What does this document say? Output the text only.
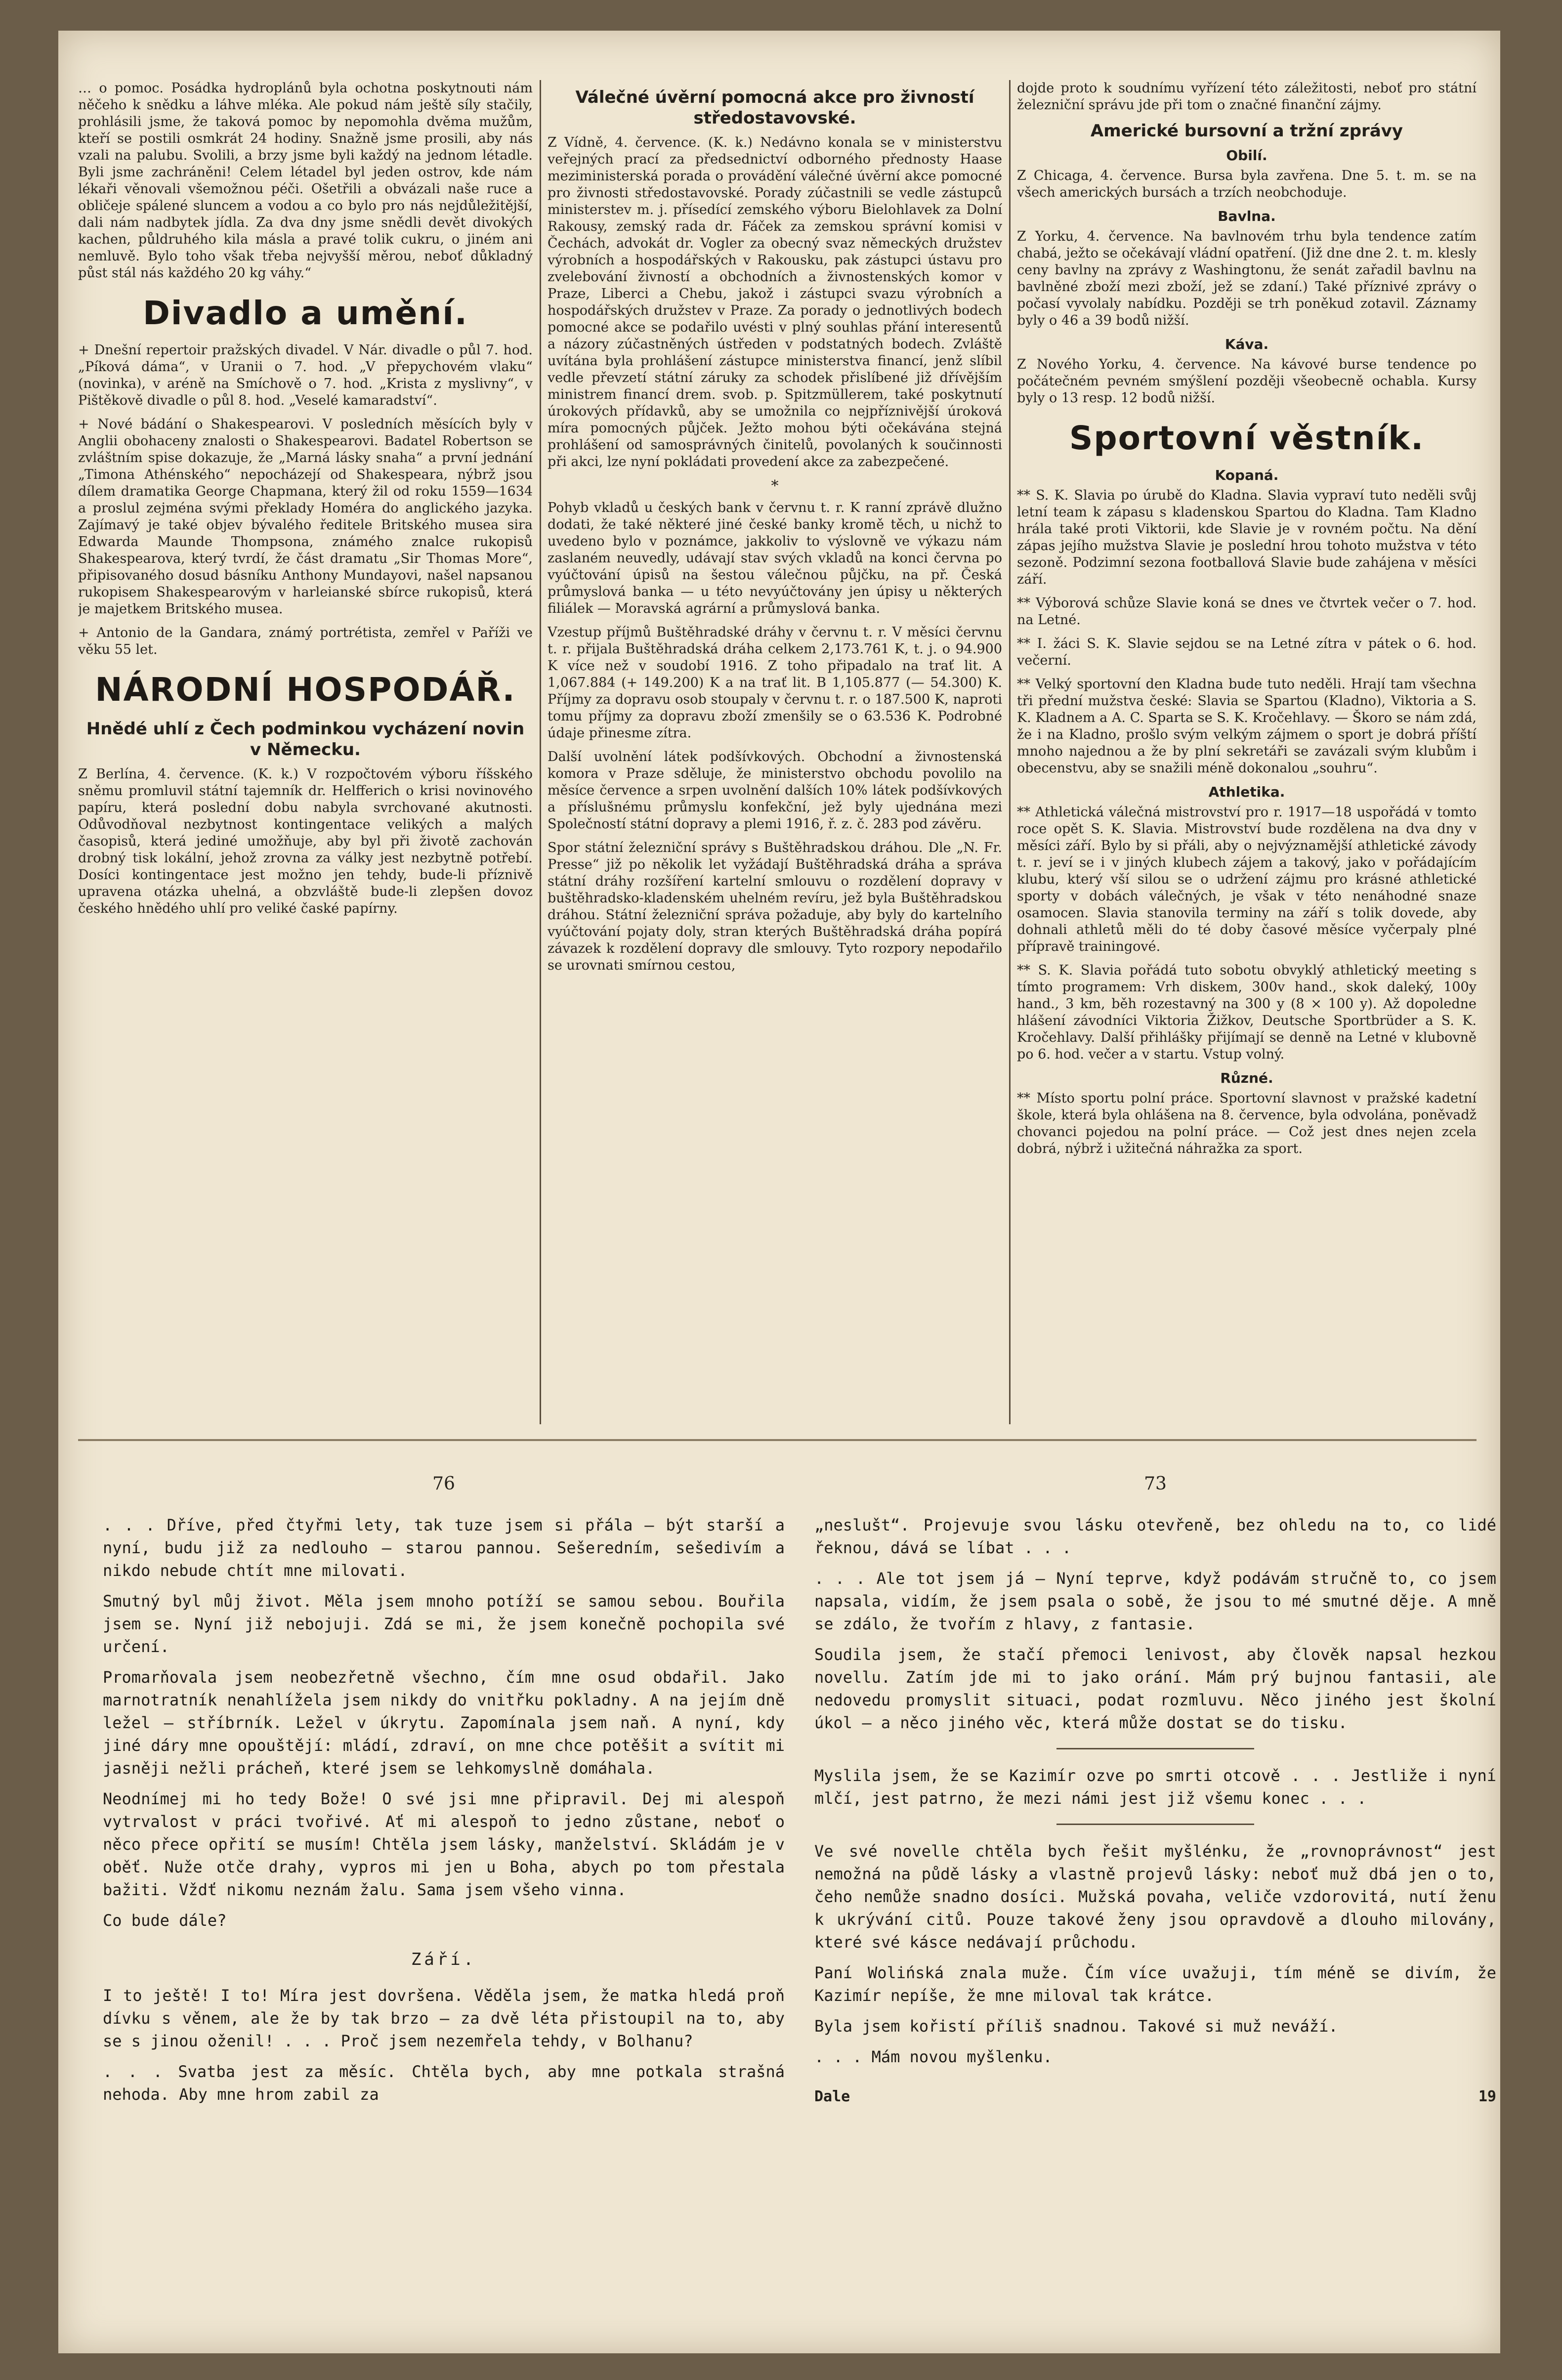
… o pomoc. Posádka hydroplánů byla ochotna poskytnouti nám něčeho k snědku a láhve mléka. Ale pokud nám ještě síly stačily, prohlásili jsme, že taková pomoc by nepomohla dvěma mužům, kteří se postili osmkrát 24 hodiny. Snažně jsme prosili, aby nás vzali na palubu. Svolili, a brzy jsme byli každý na jednom létadle. Byli jsme zachráněni! Celem létadel byl jeden ostrov, kde nám lékaři věnovali všemožnou péči. Ošetřili a obvázali naše ruce a obličeje spálené sluncem a vodou a co bylo pro nás nejdůležitější, dali nám nadbytek jídla. Za dva dny jsme snědli devět divokých kachen, půldruhého kila másla a pravé tolik cukru, o jiném ani nemluvě. Bylo toho však třeba nejvyšší měrou, neboť důkladný půst stál nás každého 20 kg váhy.“

Divadlo a umění.

+ Dnešní repertoir pražských divadel. V Nár. divadle o půl 7. hod. „Píková dáma“, v Uranii o 7. hod. „V přepychovém vlaku“ (novinka), v aréně na Smíchově o 7. hod. „Krista z myslivny“, v Pištěkově divadle o půl 8. hod. „Veselé kamaradství“.

+ Nové bádání o Shakespearovi. V posledních měsících byly v Anglii obohaceny znalosti o Shakespearovi. Badatel Robertson se zvláštním spise dokazuje, že „Marná lásky snaha“ a první jednání „Timona Athénského“ nepocházejí od Shakespeara, nýbrž jsou dílem dramatika George Chapmana, který žil od roku 1559—1634 a proslul zejména svými překlady Homéra do anglického jazyka. Zajímavý je také objev bývalého ředitele Britského musea sira Edwarda Maunde Thompsona, známého znalce rukopisů Shakespearova, který tvrdí, že část dramatu „Sir Thomas More“, připisovaného dosud básníku Anthony Mundayovi, našel napsanou rukopisem Shakespearovým v harleianské sbírce rukopisů, která je majetkem Britského musea.

+ Antonio de la Gandara, známý portrétista, zemřel v Paříži ve věku 55 let.

NÁRODNÍ HOSPODÁŘ.
Hnědé uhlí z Čech podminkou vycházení novin v Německu.

Z Berlína, 4. července. (K. k.) V rozpočtovém výboru říšského sněmu promluvil státní tajemník dr. Helfferich o krisi novinového papíru, která poslední dobu nabyla svrchované akutnosti. Odůvodňoval nezbytnost kontingentace velikých a malých časopisů, která jediné umožňuje, aby byl při životě zachován drobný tisk lokální, jehož zrovna za války jest nezbytně potřebí. Dosíci kontingentace jest možno jen tehdy, bude-li příznivě upravena otázka uhelná, a obzvláště bude-li zlepšen dovoz českého hnědého uhlí pro veliké časké papírny.

Válečné úvěrní pomocná akce pro živností středostavovské.

Z Vídně, 4. července. (K. k.) Nedávno konala se v ministerstvu veřejných prací za předsednictví odborného přednosty Haase meziministerská porada o provádění válečné úvěrní akce pomocné pro živnosti středostavovské. Porady zúčastnili se vedle zástupců ministerstev m. j. přísedící zemského výboru Bielohlavek za Dolní Rakousy, zemský rada dr. Fáček za zemskou správní komisi v Čechách, advokát dr. Vogler za obecný svaz německých družstev výrobních a hospodářských v Rakousku, pak zástupci ústavu pro zvelebování živností a obchodních a živnostenských komor v Praze, Liberci a Chebu, jakož i zástupci svazu výrobních a hospodářských družstev v Praze. Za porady o jednotlivých bodech pomocné akce se podařilo uvésti v plný souhlas přání interesentů a názory zúčastněných ústředen v podstatných bodech. Zvláště uvítána byla prohlášení zástupce ministerstva financí, jenž slíbil vedle převzetí státní záruky za schodek přislíbené již dřívějším ministrem financí drem. svob. p. Spitzmüllerem, také poskytnutí úrokových přídavků, aby se umožnila co nejpříznivější úroková míra pomocných půjček. Ježto mohou býti očekávána stejná prohlášení od samosprávných činitelů, povolaných k součinnosti při akci, lze nyní pokládati provedení akce za zabezpečené.

*

Pohyb vkladů u českých bank v červnu t. r. K ranní zprávě dlužno dodati, že také některé jiné české banky kromě těch, u nichž to uvedeno bylo v poznámce, jakkoliv to výslovně ve výkazu nám zaslaném neuvedly, udávají stav svých vkladů na konci června po vyúčtování úpisů na šestou válečnou půjčku, na př. Česká průmyslová banka — u této nevyúčtovány jen úpisy u některých filiálek — Moravská agrární a průmyslová banka.

Vzestup příjmů Buštěhradské dráhy v červnu t. r. V měsíci červnu t. r. přijala Buštěhradská dráha celkem 2,173.761 K, t. j. o 94.900 K více než v soudobí 1916. Z toho připadalo na trať lit. A 1,067.884 (+ 149.200) K a na trať lit. B 1,105.877 (— 54.300) K. Příjmy za dopravu osob stoupaly v červnu t. r. o 187.500 K, naproti tomu příjmy za dopravu zboží zmenšily se o 63.536 K. Podrobné údaje přinesme zítra.

Další uvolnění látek podšívkových. Obchodní a živnostenská komora v Praze sděluje, že ministerstvo obchodu povolilo na měsíce července a srpen uvolnění dalších 10% látek podšívkových a příslušnému průmyslu konfekční, jež byly ujednána mezi Společností státní dopravy a plemi 1916, ř. z. č. 283 pod závěru.

Spor státní železniční správy s Buštěhradskou dráhou. Dle „N. Fr. Presse“ již po několik let vyžádají Buštěhradská dráha a správa státní dráhy rozšíření kartelní smlouvu o rozdělení dopravy v buštěhradsko-kladenském uhelném revíru, jež byla Buštěhradskou dráhou. Státní železniční správa požaduje, aby byly do kartelního vyúčtování pojaty doly, stran kterých Buštěhradská dráha popírá závazek k rozdělení dopravy dle smlouvy. Tyto rozpory nepodařilo se urovnati smírnou cestou,

dojde proto k soudnímu vyřízení této záležitosti, neboť pro státní železniční správu jde při tom o značné finanční zájmy.

Americké bursovní a tržní zprávy
Obilí.

Z Chicaga, 4. července. Bursa byla zavřena. Dne 5. t. m. se na všech amerických bursách a trzích neobchoduje.

Bavlna.

Z Yorku, 4. července. Na bavlnovém trhu byla tendence zatím chabá, ježto se očekávají vládní opatření. (Již dne dne 2. t. m. klesly ceny bavlny na zprávy z Washingtonu, že senát zařadil bavlnu na bavlněné zboží mezi zboží, jež se zdaní.) Také příznivé zprávy o počasí vyvolaly nabídku. Později se trh poněkud zotavil. Záznamy byly o 46 a 39 bodů nižší.

Káva.

Z Nového Yorku, 4. července. Na kávové burse tendence po počátečném pevném smýšlení později všeobecně ochabla. Kursy byly o 13 resp. 12 bodů nižší.

Sportovní věstník.
Kopaná.

** S. K. Slavia po úrubě do Kladna. Slavia vypraví tuto neděli svůj letní team k zápasu s kladenskou Spartou do Kladna. Tam Kladno hrála také proti Viktorii, kde Slavie je v rovném počtu. Na dění zápas jejího mužstva Slavie je poslední hrou tohoto mužstva v této sezoně. Podzimní sezona footballová Slavie bude zahájena v měsíci září.

** Výborová schůze Slavie koná se dnes ve čtvrtek večer o 7. hod. na Letné.

** I. žáci S. K. Slavie sejdou se na Letné zítra v pátek o 6. hod. večerní.

** Velký sportovní den Kladna bude tuto neděli. Hrají tam všechna tři přední mužstva české: Slavia se Spartou (Kladno), Viktoria a S. K. Kladnem a A. C. Sparta se S. K. Kročehlavy. — Škoro se nám zdá, že i na Kladno, prošlo svým velkým zájmem o sport je dobrá příští mnoho najednou a že by plní sekretáři se zavázali svým klubům i obecenstvu, aby se snažili méně dokonalou „souhru“.

Athletika.

** Athletická válečná mistrovství pro r. 1917—18 uspořádá v tomto roce opět S. K. Slavia. Mistrovství bude rozdělena na dva dny v měsíci září. Bylo by si přáli, aby o nejvýznamější athletické závody t. r. jeví se i v jiných klubech zájem a takový, jako v pořádajícím klubu, který vší silou se o udržení zájmu pro krásné athletické sporty v dobách válečných, je však v této nenáhodné snaze osamocen. Slavia stanovila terminy na září s tolik dovede, aby dohnali athletů měli do té doby časové měsíce vyčerpaly plné přípravě trainingové.

** S. K. Slavia pořádá tuto sobotu obvyklý athletický meeting s tímto programem: Vrh diskem, 300v hand., skok daleký, 100y hand., 3 km, běh rozestavný na 300 y (8 × 100 y). Až dopoledne hlášení závodníci Viktoria Žižkov, Deutsche Sportbrüder a S. K. Kročehlavy. Další přihlášky přijímají se denně na Letné v klubovně po 6. hod. večer a v startu. Vstup volný.

Různé.

** Místo sportu polní práce. Sportovní slavnost v pražské kadetní škole, která byla ohlášena na 8. července, byla odvolána, poněvadž chovanci pojedou na polní práce. — Což jest dnes nejen zcela dobrá, nýbrž i užitečná náhražka za sport.

76

. . . Dříve, před čtyřmi lety, tak tuze jsem si přála — být starší a nyní, budu již za nedlouho — starou pannou. Sešeredním, sešedivím a nikdo nebude chtít mne milovati.

Smutný byl můj život. Měla jsem mnoho potíží se samou sebou. Bouřila jsem se. Nyní již nebojuji. Zdá se mi, že jsem konečně pochopila své určení.

Promarňovala jsem neobezřetně všechno, čím mne osud obdařil. Jako marnotratník nenahlížela jsem nikdy do vnitřku pokladny. A na jejím dně ležel — stříbrník. Ležel v úkrytu. Zapomínala jsem naň. A nyní, kdy jiné dáry mne opouštějí: mládí, zdraví, on mne chce potěšit a svítit mi jasněji nežli prácheň, které jsem se lehkomyslně domáhala.

Neodnímej mi ho tedy Bože! O své jsi mne připravil. Dej mi alespoň vytrvalost v práci tvořivé. Ať mi alespoň to jedno zůstane, neboť o něco přece opřití se musím! Chtěla jsem lásky, manželství. Skládám je v oběť. Nuže otče drahy, vypros mi jen u Boha, abych po tom přestala bažiti. Vždť nikomu neznám žalu. Sama jsem všeho vinna.

Co bude dále?

Září.

I to ještě! I to! Míra jest dovršena. Věděla jsem, že matka hledá proň dívku s věnem, ale že by tak brzo — za dvě léta přistoupil na to, aby se s jinou oženil! . . . Proč jsem nezemřela tehdy, v Bolhanu?

. . . Svatba jest za měsíc. Chtěla bych, aby mne potkala strašná nehoda. Aby mne hrom zabil za

73

„neslušt“. Projevuje svou lásku otevřeně, bez ohledu na to, co lidé řeknou, dává se líbat . . .

. . . Ale tot jsem já — Nyní teprve, když podávám stručně to, co jsem napsala, vidím, že jsem psala o sobě, že jsou to mé smutné děje. A mně se zdálo, že tvořím z hlavy, z fantasie.

Soudila jsem, že stačí přemoci lenivost, aby člověk napsal hezkou novellu. Zatím jde mi to jako orání. Mám prý bujnou fantasii, ale nedovedu promyslit situaci, podat rozmluvu. Něco jiného jest školní úkol — a něco jiného věc, která může dostat se do tisku.

Myslila jsem, že se Kazimír ozve po smrti otcově . . . Jestliže i nyní mlčí, jest patrno, že mezi námi jest již všemu konec . . .

Ve své novelle chtěla bych řešit myšlénku, že „rovnoprávnost“ jest nemožná na půdě lásky a vlastně projevů lásky: neboť muž dbá jen o to, čeho nemůže snadno dosíci. Mužská povaha, veliče vzdorovitá, nutí ženu k ukrývání citů. Pouze takové ženy jsou opravdově a dlouho milovány, které své kásce nedávají průchodu.

Paní Wolińská znala muže. Čím více uvažuji, tím méně se divím, že Kazimír nepíše, že mne miloval tak krátce.

Byla jsem kořistí příliš snadnou. Takové si muž neváží.

. . . Mám novou myšlenku.

Dale	19
